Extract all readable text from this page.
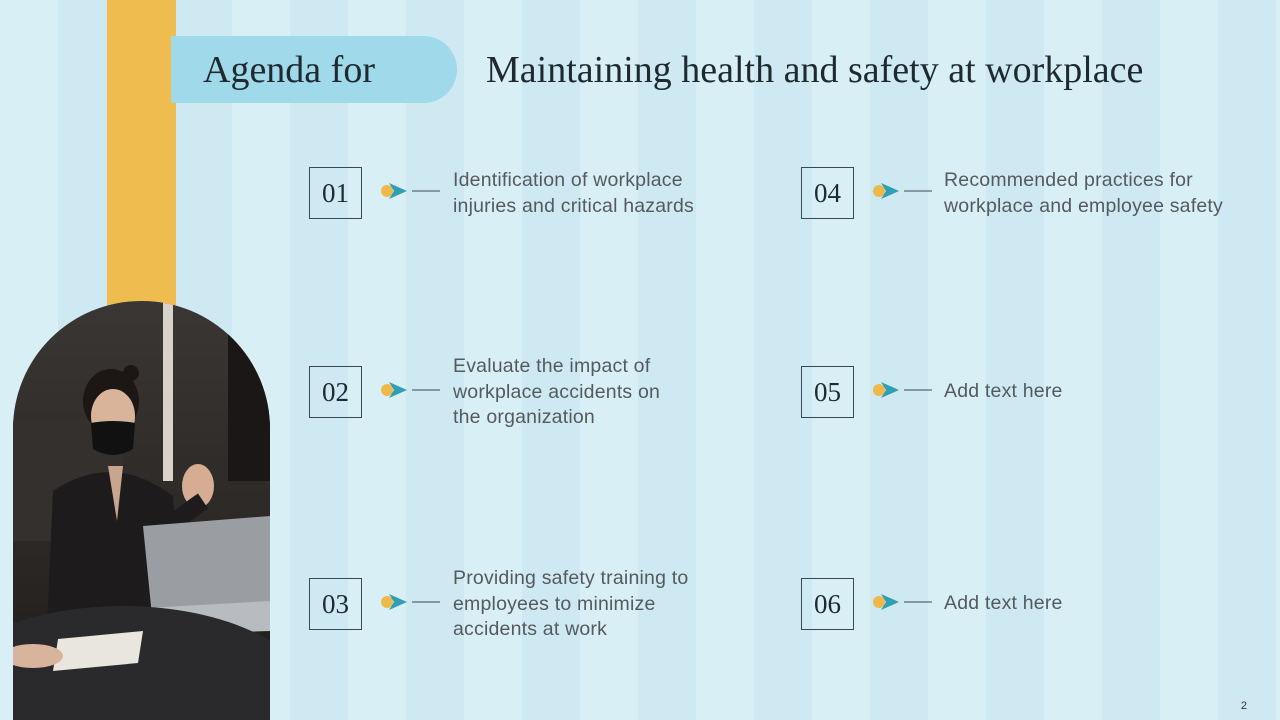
Agenda for	Maintaining health and safety at workplace
01	Identification of workplace
injuries and critical hazards
02
Evaluate the impact of
workplace accidents on
the organization
03
Providing safety training to
employees to minimize
accidents at work
04	Recommended practices for
workplace and employee safety
05	Add text here
06	Add text here
2
